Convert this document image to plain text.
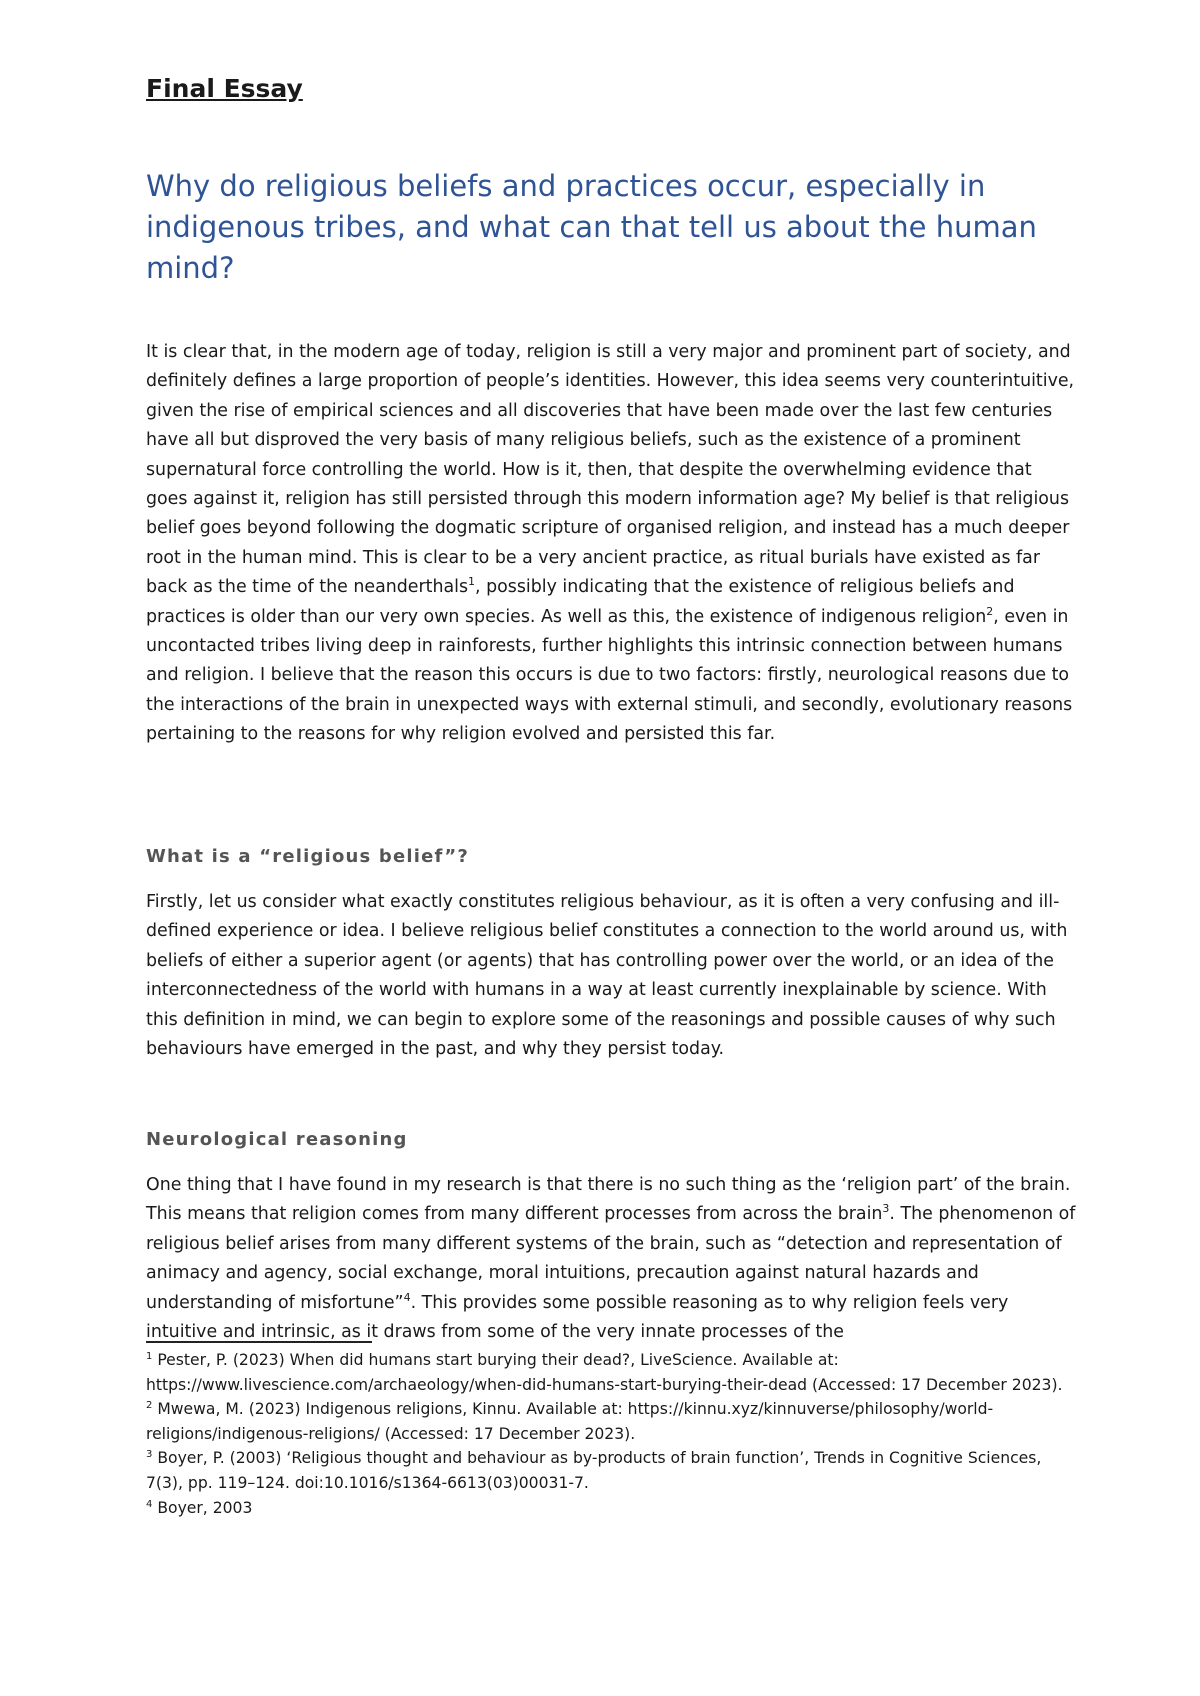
Final Essay
Why do religious beliefs and practices occur, especially in indigenous tribes, and what can that tell us about the human mind?

It is clear that, in the modern age of today, religion is still a very major and prominent part of society, and definitely defines a large proportion of people’s identities. However, this idea seems very counterintuitive, given the rise of empirical sciences and all discoveries that have been made over the last few centuries have all but disproved the very basis of many religious beliefs, such as the existence of a prominent supernatural force controlling the world. How is it, then, that despite the overwhelming evidence that goes against it, religion has still persisted through this modern information age? My belief is that religious belief goes beyond following the dogmatic scripture of organised religion, and instead has a much deeper root in the human mind. This is clear to be a very ancient practice, as ritual burials have existed as far back as the time of the neanderthals$^1$, possibly indicating that the existence of religious beliefs and practices is older than our very own species. As well as this, the existence of indigenous religion$^2$, even in uncontacted tribes living deep in rainforests, further highlights this intrinsic connection between humans and religion. I believe that the reason this occurs is due to two factors: firstly, neurological reasons due to the interactions of the brain in unexpected ways with external stimuli, and secondly, evolutionary reasons pertaining to the reasons for why religion evolved and persisted this far.

What is a “religious belief”?

Firstly, let us consider what exactly constitutes religious behaviour, as it is often a very confusing and ill-defined experience or idea. I believe religious belief constitutes a connection to the world around us, with beliefs of either a superior agent (or agents) that has controlling power over the world, or an idea of the interconnectedness of the world with humans in a way at least currently inexplainable by science. With this definition in mind, we can begin to explore some of the reasonings and possible causes of why such behaviours have emerged in the past, and why they persist today.

Neurological reasoning

One thing that I have found in my research is that there is no such thing as the ‘religion part’ of the brain. This means that religion comes from many different processes from across the brain$^3$. The phenomenon of religious belief arises from many different systems of the brain, such as “detection and representation of animacy and agency, social exchange, moral intuitions, precaution against natural hazards and understanding of misfortune”$^4$. This provides some possible reasoning as to why religion feels very intuitive and intrinsic, as it draws from some of the very innate processes of the

$^1$ Pester, P. (2023) When did humans start burying their dead?, LiveScience. Available at: https://www.livescience.com/archaeology/when-did-humans-start-burying-their-dead (Accessed: 17 December 2023).

$^2$ Mwewa, M. (2023) Indigenous religions, Kinnu. Available at: https://kinnu.xyz/kinnuverse/philosophy/world-religions/indigenous-religions/ (Accessed: 17 December 2023).

$^3$ Boyer, P. (2003) ‘Religious thought and behaviour as by-products of brain function’, Trends in Cognitive Sciences, 7(3), pp. 119–124. doi:10.1016/s1364-6613(03)00031-7.

$^4$ Boyer, 2003
